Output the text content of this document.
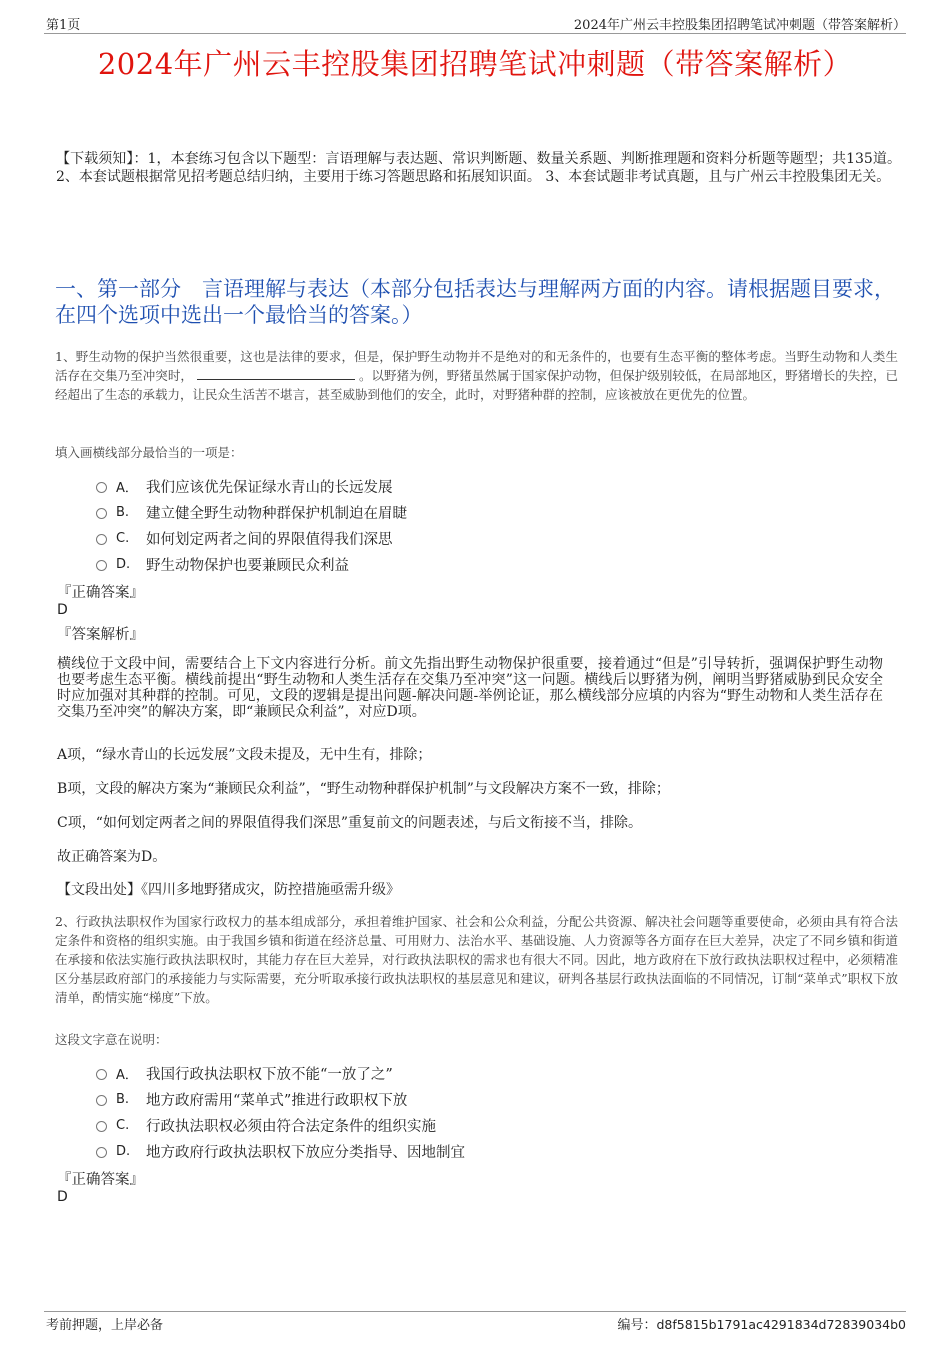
第1页	2024年广州云丰控股集团招聘笔试冲刺题（带答案解析）
2024年广州云丰控股集团招聘笔试冲刺题（带答案解析）
【下载须知】：1，本套练习包含以下题型：言语理解与表达题、常识判断题、数量关系题、判断推理题和资料分析题等题型；共135道。 2、本套试题根据常见招考题总结归纳，主要用于练习答题思路和拓展知识面。 3、本套试题非考试真题，且与广州云丰控股集团无关。
一、第一部分　言语理解与表达（本部分包括表达与理解两方面的内容。请根据题目要求，在四个选项中选出一个最恰当的答案。）
1、野生动物的保护当然很重要，这也是法律的要求，但是，保护野生动物并不是绝对的和无条件的，也要有生态平衡的整体考虑。当野生动物和人类生活存在交集乃至冲突时，	。以野猪为例，野猪虽然属于国家保护动物，但保护级别较低，在局部地区，野猪增长的失控，已经超出了生态的承载力，让民众生活苦不堪言，甚至威胁到他们的安全，此时，对野猪种群的控制，应该被放在更优先的位置。
填入画横线部分最恰当的一项是：
A． 我们应该优先保证绿水青山的长远发展
B.	建立健全野生动物种群保护机制迫在眉睫
C.	如何划定两者之间的界限值得我们深思
D.	野生动物保护也要兼顾民众利益
『正确答案』
D
『答案解析』
横线位于文段中间，需要结合上下文内容进行分析。前文先指出野生动物保护很重要，接着通过“但是”引导转折，强调保护野生动物也要考虑生态平衡。横线前提出“野生动物和人类生活存在交集乃至冲突”这一问题。横线后以野猪为例，阐明当野猪威胁到民众安全时应加强对其种群的控制。可见，文段的逻辑是提出问题-解决问题-举例论证，那么横线部分应填的内容为“野生动物和人类生活存在交集乃至冲突”的解决方案，即“兼顾民众利益”，对应D项。
A项，“绿水青山的长远发展”文段未提及，无中生有，排除；
B项，文段的解决方案为“兼顾民众利益”，“野生动物种群保护机制”与文段解决方案不一致，排除；
C项，“如何划定两者之间的界限值得我们深思”重复前文的问题表述，与后文衔接不当，排除。
故正确答案为D。
【文段出处】《四川多地野猪成灾，防控措施亟需升级》
2、行政执法职权作为国家行政权力的基本组成部分，承担着维护国家、社会和公众利益，分配公共资源、解决社会问题等重要使命，必须由具有符合法定条件和资格的组织实施。由于我国乡镇和街道在经济总量、可用财力、法治水平、基础设施、人力资源等各方面存在巨大差异，决定了不同乡镇和街道在承接和依法实施行政执法职权时，其能力存在巨大差异，对行政执法职权的需求也有很大不同。因此，地方政府在下放行政执法职权过程中，必须精准区分基层政府部门的承接能力与实际需要，充分听取承接行政执法职权的基层意见和建议，研判各基层行政执法面临的不同情况，订制“菜单式”职权下放清单，酌情实施“梯度”下放。
这段文字意在说明：
A． 我国行政执法职权下放不能“一放了之”
B.	地方政府需用“菜单式”推进行政职权下放
C.	行政执法职权必须由符合法定条件的组织实施
D.	地方政府行政执法职权下放应分类指导、因地制宜
『正确答案』
D
考前押题，上岸必备	编号：d8f5815b1791ac4291834d72839034b0
